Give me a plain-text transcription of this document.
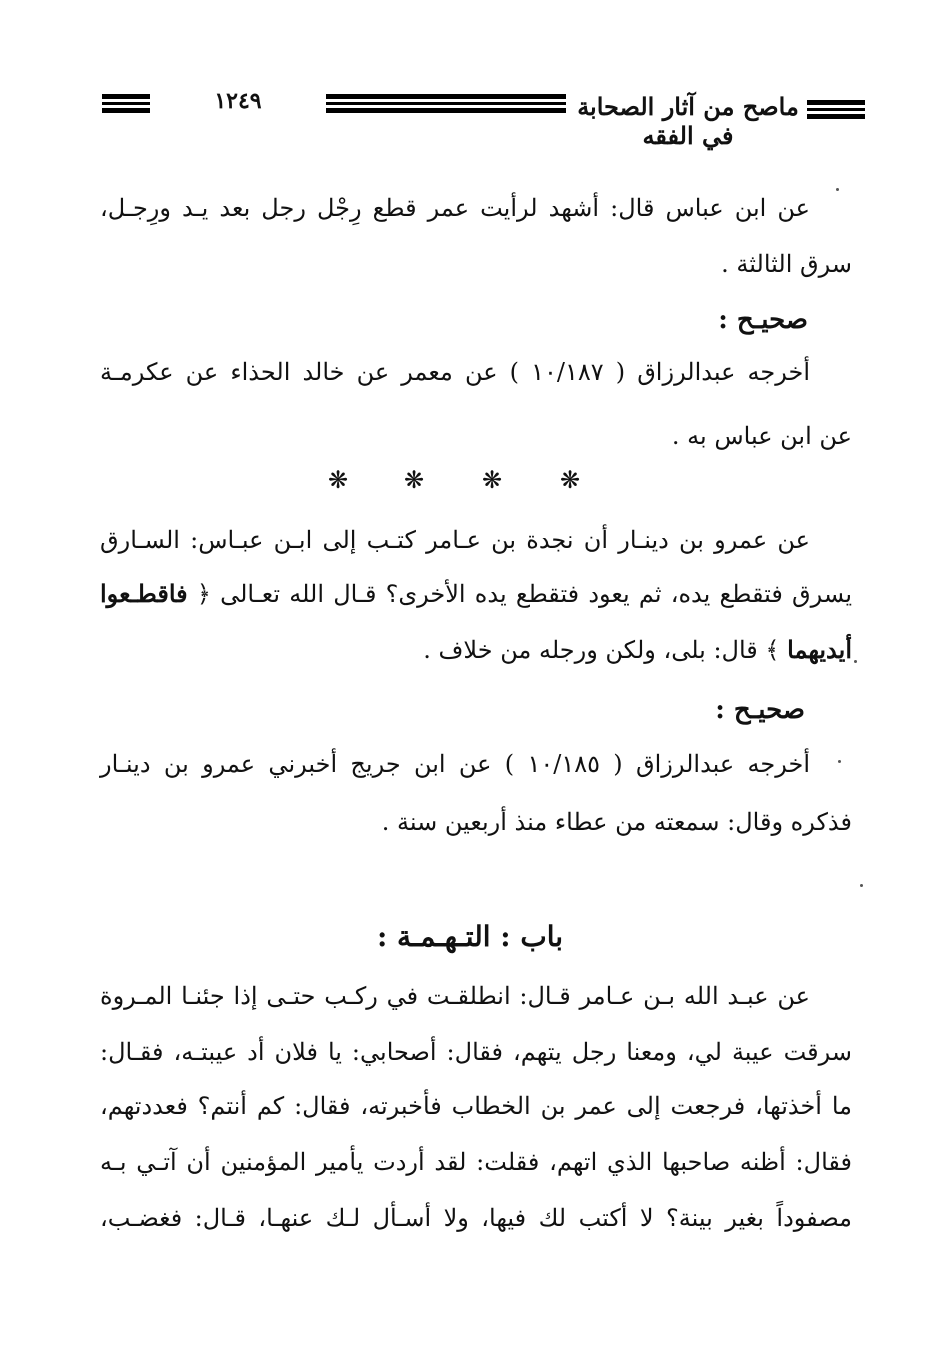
١٢٤٩	ماصح من آثار الصحابة في الفقه
عن ابن عباس قال: أشهد لرأيت عمر قطع رِجْل رجل بعد يـد ورِجـل،
سرق الثالثة .
صحيـح :
أخرجه عبدالرزاق ( ١٠/١٨٧ ) عن معمر عن خالد الحذاء عن عكرمـة
عن ابن عباس به .
❋ ❋ ❋ ❋
عن عمرو بن دينـار أن نجدة بن عـامر كتـب إلى ابـن عبـاس: السـارق
يسرق فتقطع يده، ثم يعود فتقطع يده الأخرى؟ قـال الله تعـالى ﴿ فاقطـعوا
أيديهما ﴾ قال: بلى، ولكن ورجله من خلاف .
صحيـح :
أخرجه عبدالرزاق ( ١٠/١٨٥ ) عن ابن جريج أخبرني عمرو بن دينـار
فذكره وقال: سمعته من عطاء منذ أربعين سنة .
باب : التـهـمـة :
عن عبـد الله بـن عـامر قـال: انطلقـت في ركـب حتـى إذا جئنـا المـروة
سرقت عيبة لي، ومعنا رجل يتهم، فقال: أصحابي: يا فلان أد عيبتـه، فقـال:
ما أخذتها، فرجعت إلى عمر بن الخطاب فأخبرته، فقال: كم أنتم؟ فعددتهم،
فقال: أظنه صاحبها الذي اتهم، فقلت: لقد أردت يأمير المؤمنين أن آتـي بـه
مصفوداً بغير بينة؟ لا أكتب لك فيها، ولا أسـأل لـك عنهـا، قـال: فغضـب،
